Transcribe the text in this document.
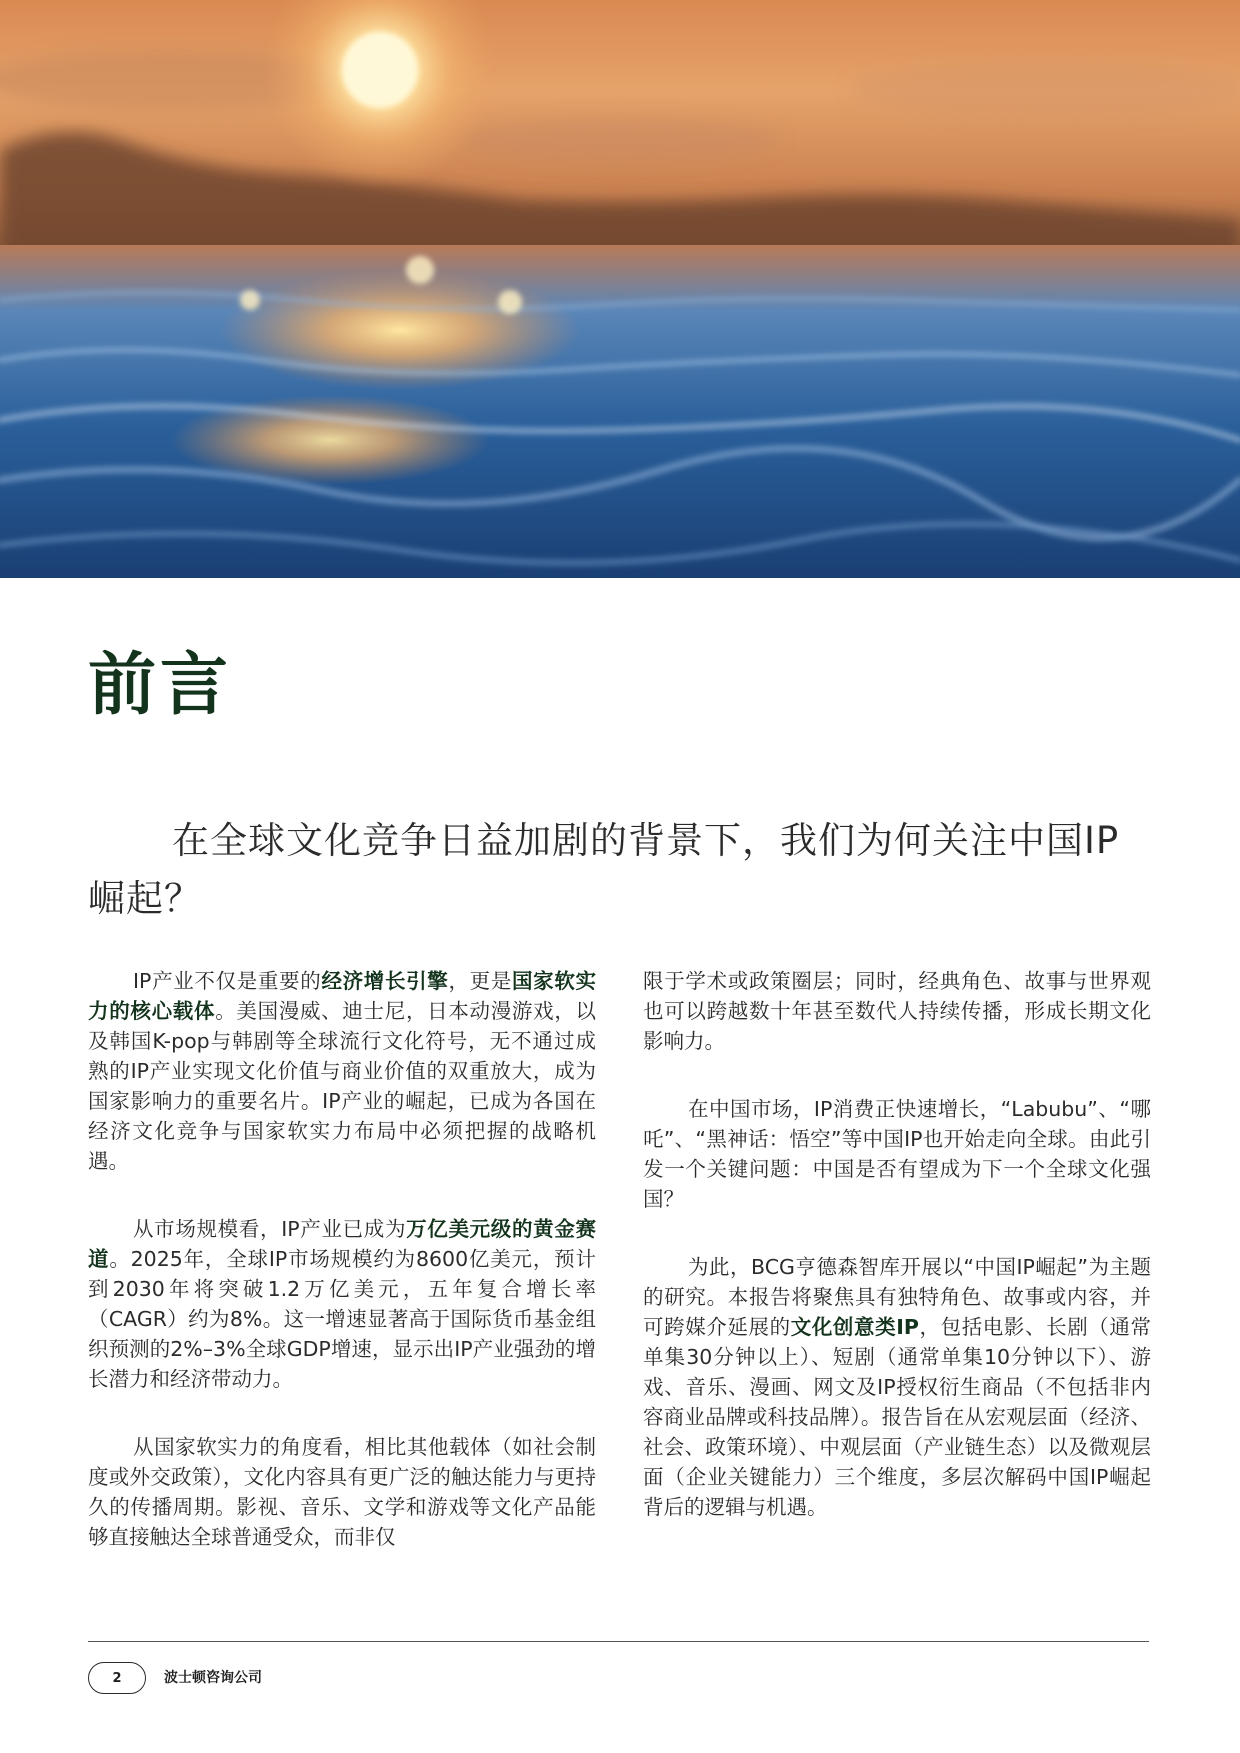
前言
在全球文化竞争日益加剧的背景下，我们为何关注中国IP崛起？

IP产业不仅是重要的经济增长引擎，更是国家软实力的核心载体。美国漫威、迪士尼，日本动漫游戏，以及韩国K-pop与韩剧等全球流行文化符号，无不通过成熟的IP产业实现文化价值与商业价值的双重放大，成为国家影响力的重要名片。IP产业的崛起，已成为各国在经济文化竞争与国家软实力布局中必须把握的战略机遇。

从市场规模看，IP产业已成为万亿美元级的黄金赛道。2025年，全球IP市场规模约为8600亿美元，预计到2030年将突破1.2万亿美元，五年复合增长率（CAGR）约为8%。这一增速显著高于国际货币基金组织预测的2%–3%全球GDP增速，显示出IP产业强劲的增长潜力和经济带动力。

从国家软实力的角度看，相比其他载体（如社会制度或外交政策），文化内容具有更广泛的触达能力与更持久的传播周期。影视、音乐、文学和游戏等文化产品能够直接触达全球普通受众，而非仅

限于学术或政策圈层；同时，经典角色、故事与世界观也可以跨越数十年甚至数代人持续传播，形成长期文化影响力。

在中国市场，IP消费正快速增长，“Labubu”、“哪吒”、“黑神话：悟空”等中国IP也开始走向全球。由此引发一个关键问题：中国是否有望成为下一个全球文化强国？

为此，BCG亨德森智库开展以“中国IP崛起”为主题的研究。本报告将聚焦具有独特角色、故事或内容，并可跨媒介延展的文化创意类IP，包括电影、长剧（通常单集30分钟以上）、短剧（通常单集10分钟以下）、游戏、音乐、漫画、网文及IP授权衍生商品（不包括非内容商业品牌或科技品牌）。报告旨在从宏观层面（经济、社会、政策环境）、中观层面（产业链生态）以及微观层面（企业关键能力）三个维度，多层次解码中国IP崛起背后的逻辑与机遇。

2	波士顿咨询公司
